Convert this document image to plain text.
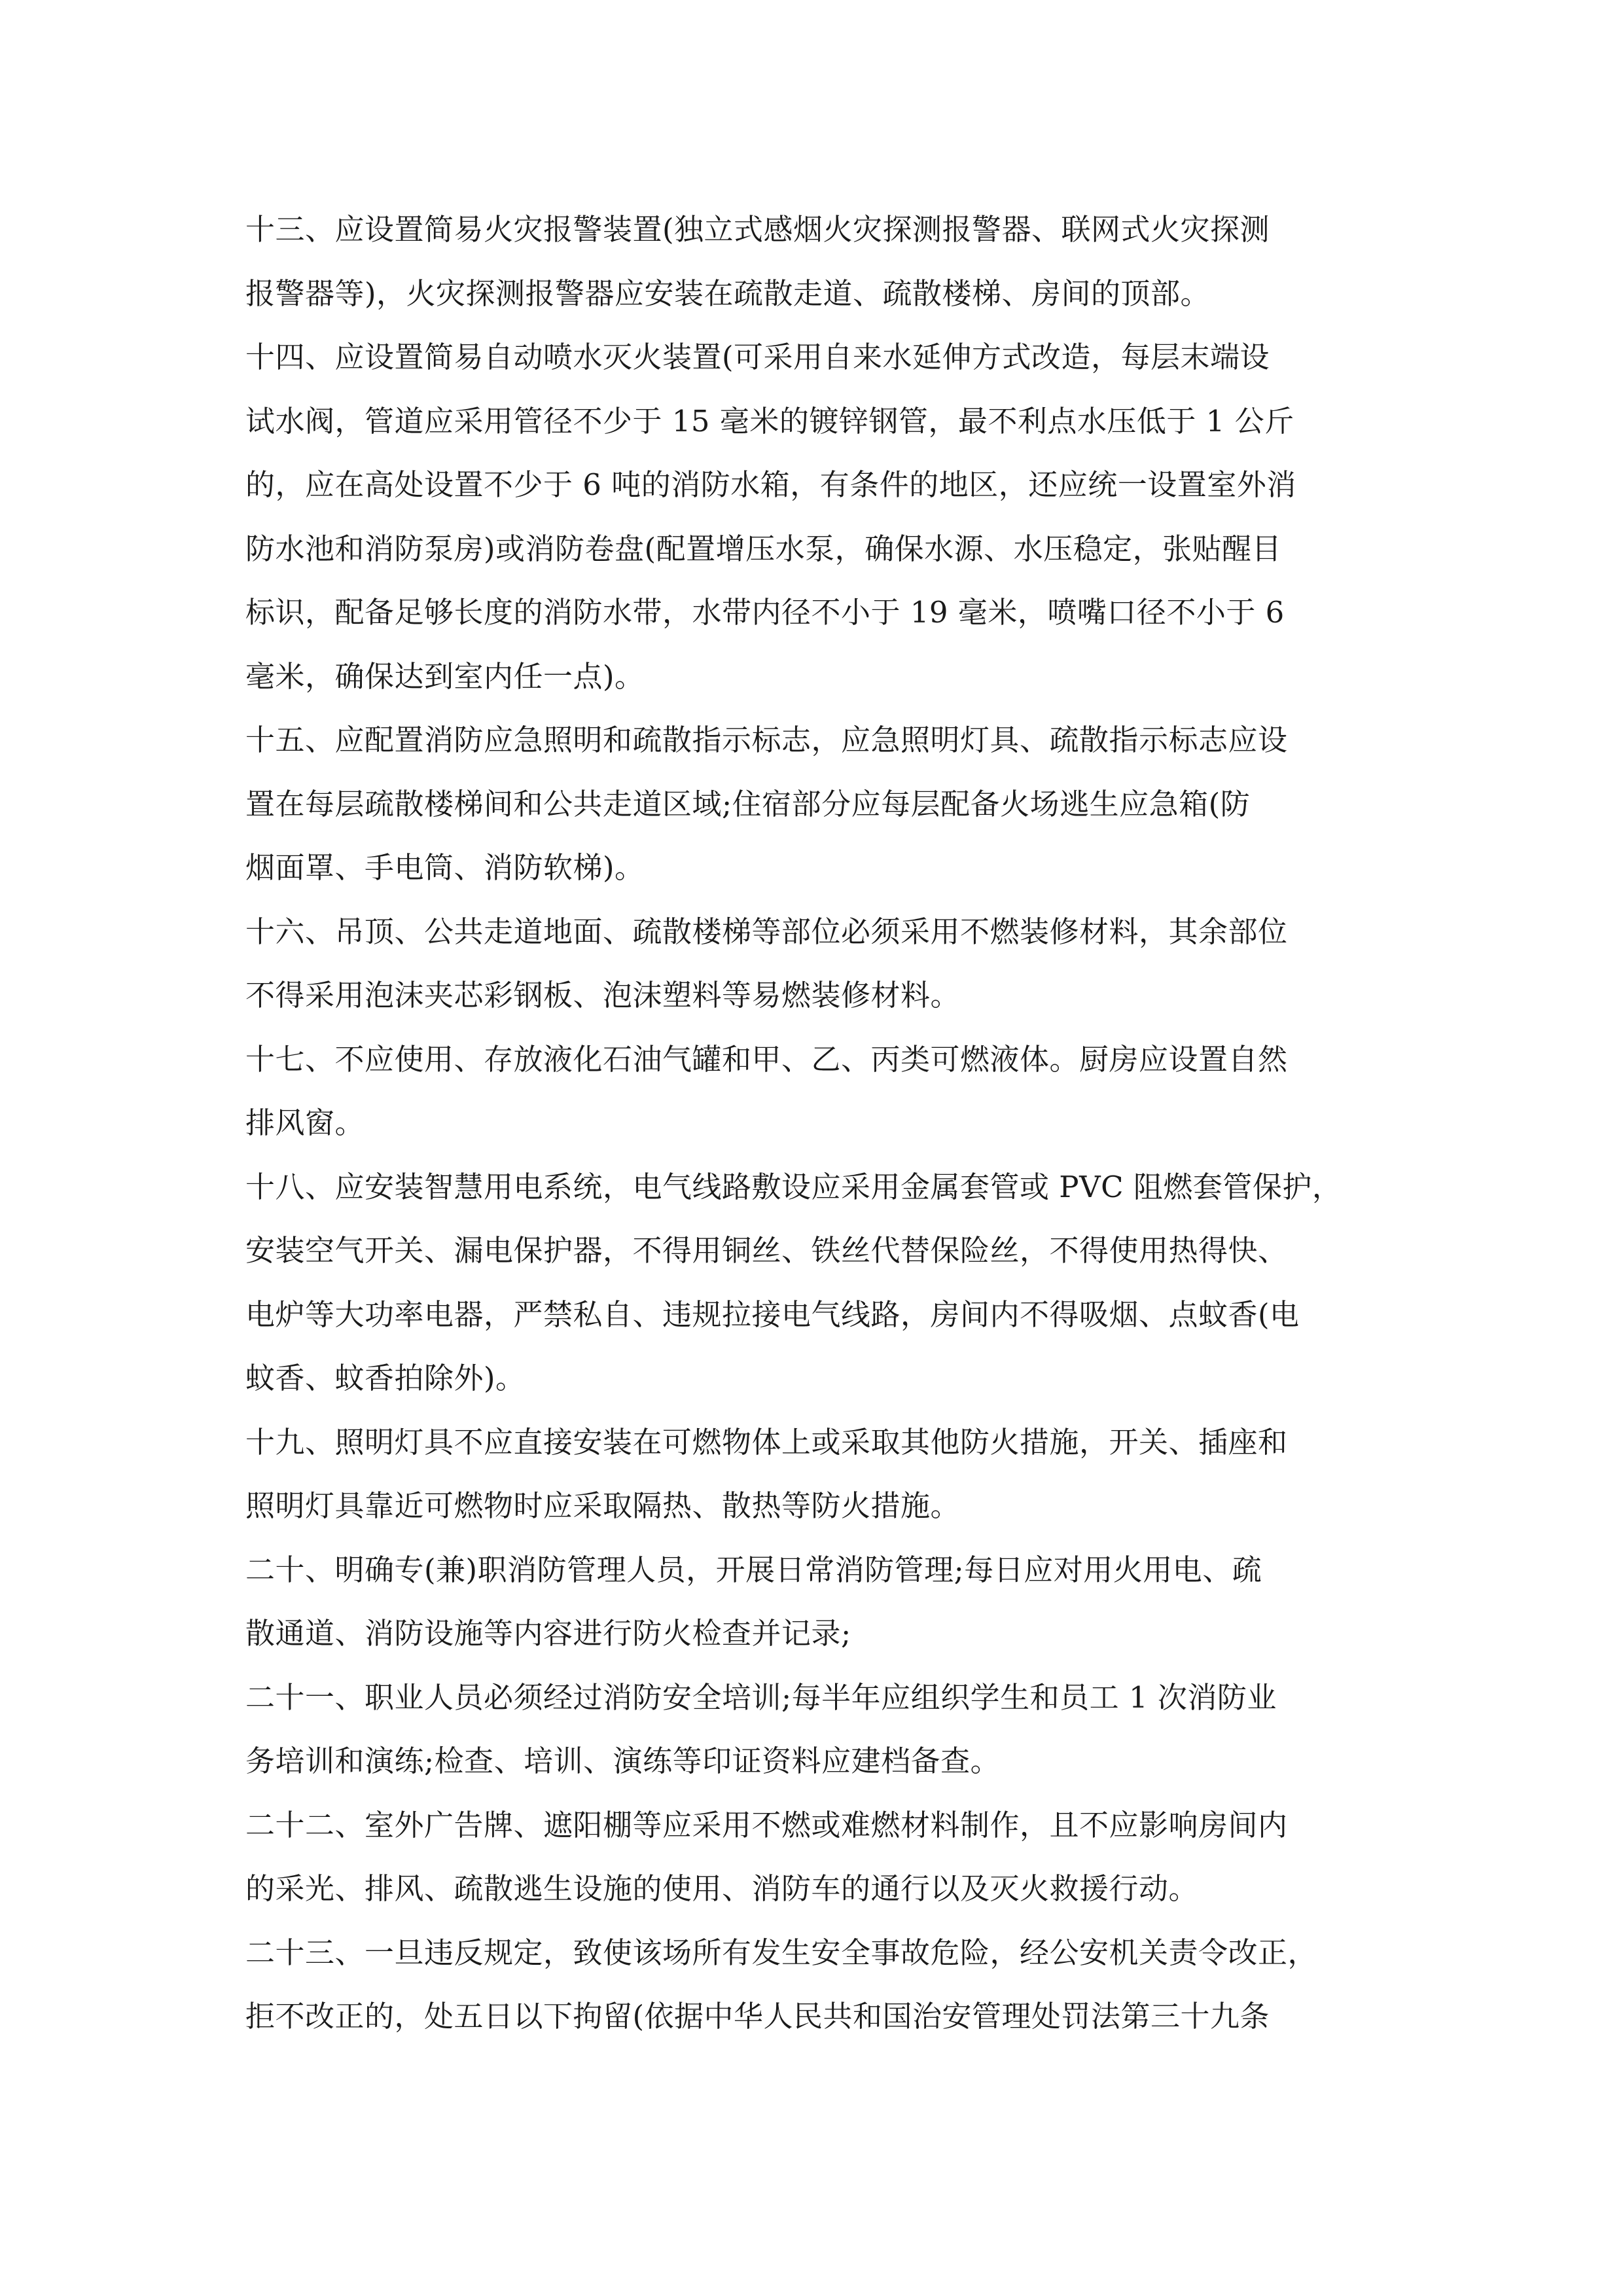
十三、应设置简易火灾报警装置(独立式感烟火灾探测报警器、联网式火灾探测
报警器等)，火灾探测报警器应安装在疏散走道、疏散楼梯、房间的顶部。
十四、应设置简易自动喷水灭火装置(可采用自来水延伸方式改造，每层末端设
试水阀，管道应采用管径不少于 15 毫米的镀锌钢管，最不利点水压低于 1 公斤
的，应在高处设置不少于 6 吨的消防水箱，有条件的地区，还应统一设置室外消
防水池和消防泵房)或消防卷盘(配置增压水泵，确保水源、水压稳定，张贴醒目
标识，配备足够长度的消防水带，水带内径不小于 19 毫米，喷嘴口径不小于 6
毫米，确保达到室内任一点)。
十五、应配置消防应急照明和疏散指示标志，应急照明灯具、疏散指示标志应设
置在每层疏散楼梯间和公共走道区域;住宿部分应每层配备火场逃生应急箱(防
烟面罩、手电筒、消防软梯)。
十六、吊顶、公共走道地面、疏散楼梯等部位必须采用不燃装修材料，其余部位
不得采用泡沫夹芯彩钢板、泡沫塑料等易燃装修材料。
十七、不应使用、存放液化石油气罐和甲、乙、丙类可燃液体。厨房应设置自然
排风窗。
十八、应安装智慧用电系统，电气线路敷设应采用金属套管或 PVC 阻燃套管保护，
安装空气开关、漏电保护器，不得用铜丝、铁丝代替保险丝，不得使用热得快、
电炉等大功率电器，严禁私自、违规拉接电气线路，房间内不得吸烟、点蚊香(电
蚊香、蚊香拍除外)。
十九、照明灯具不应直接安装在可燃物体上或采取其他防火措施，开关、插座和
照明灯具靠近可燃物时应采取隔热、散热等防火措施。
二十、明确专(兼)职消防管理人员，开展日常消防管理;每日应对用火用电、疏
散通道、消防设施等内容进行防火检查并记录;
二十一、职业人员必须经过消防安全培训;每半年应组织学生和员工 1 次消防业
务培训和演练;检查、培训、演练等印证资料应建档备查。
二十二、室外广告牌、遮阳棚等应采用不燃或难燃材料制作，且不应影响房间内
的采光、排风、疏散逃生设施的使用、消防车的通行以及灭火救援行动。
二十三、一旦违反规定，致使该场所有发生安全事故危险，经公安机关责令改正，
拒不改正的，处五日以下拘留(依据中华人民共和国治安管理处罚法第三十九条
